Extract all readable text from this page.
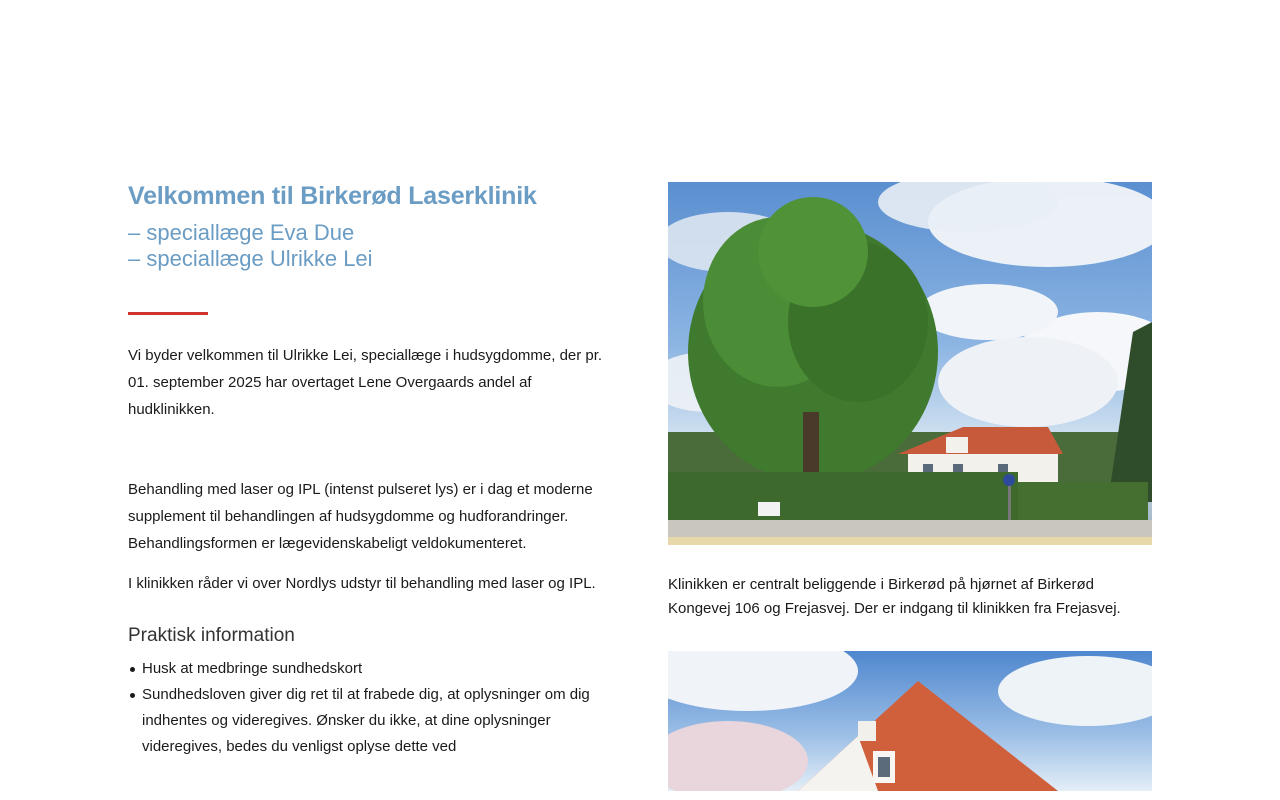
Velkommen til Birkerød Laserklinik
– speciallæge Eva Due
– speciallæge Ulrikke Lei

Vi byder velkommen til Ulrikke Lei, speciallæge i hudsygdomme, der pr. 01. september 2025 har overtaget Lene Overgaards andel af hudklinikken.

Behandling med laser og IPL (intenst pulseret lys) er i dag et moderne supplement til behandlingen af hudsygdomme og hudforandringer. Behandlingsformen er lægevidenskabeligt veldokumenteret.

I klinikken råder vi over Nordlys udstyr til behandling med laser og IPL.

Praktisk information
Husk at medbringe sundhedskort
Sundhedsloven giver dig ret til at frabede dig, at oplysninger om dig indhentes og videregives. Ønsker du ikke, at dine oplysninger videregives, bedes du venligst oplyse dette ved

Klinikken er centralt beliggende i Birkerød på hjørnet af Birkerød Kongevej 106 og Frejasvej. Der er indgang til klinikken fra Frejasvej.
